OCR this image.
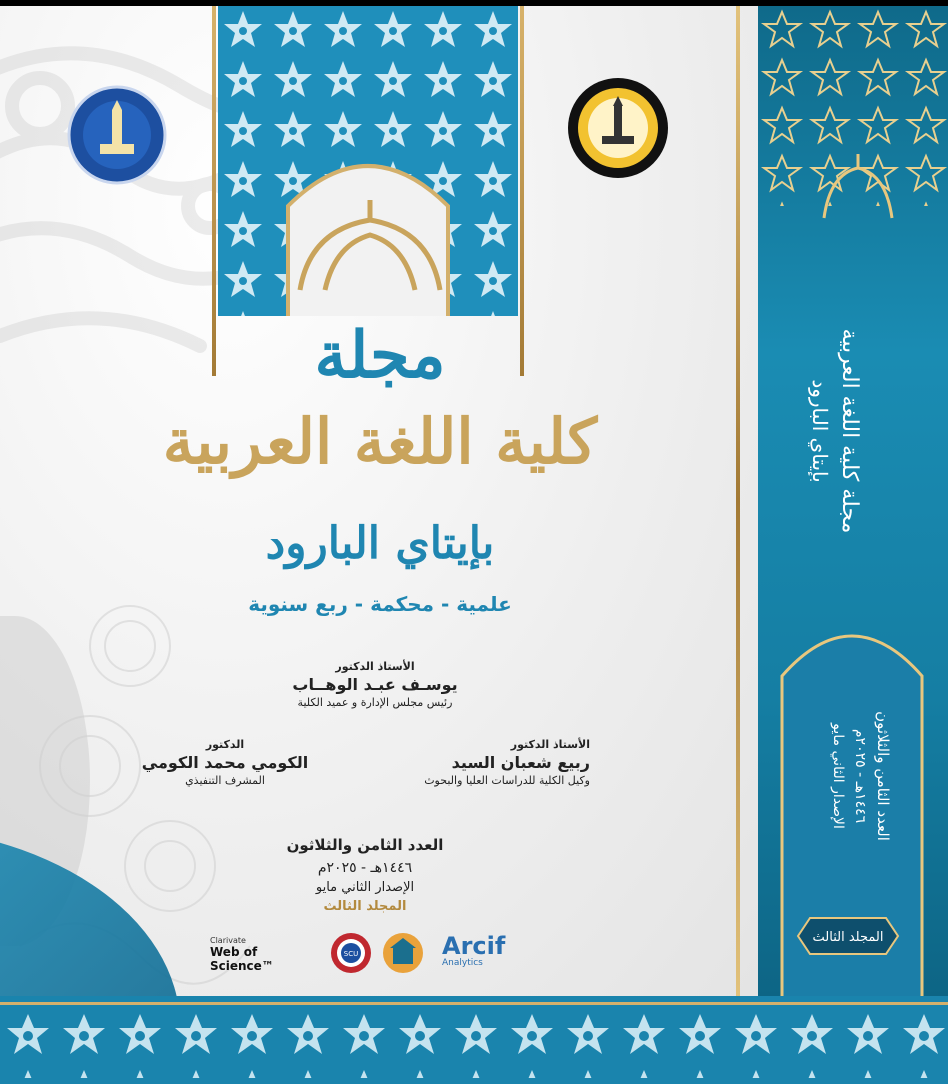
مجلة
كلية اللغة العربية
بإيتاي البارود
علمية - محكمة - ربع سنوية
الأستاذ الدكتور
يوسـف عبـد الوهــاب
رئيس مجلس الإدارة و عميد الكلية
الأستاذ الدكتور
ربيع شعبان السيد
وكيل الكلية للدراسات العليا والبحوث
الدكتور
الكومي محمد الكومي
المشرف التنفيذي
العدد الثامن والثلاثون
١٤٤٦هـ - ٢٠٢٥م
الإصدار الثاني مايو
المجلد الثالث
Clarivate
Web of Science™
SCU	Arcif
Analytics
مجلة كلية اللغة العربية
بإيتاي البارود
العدد الثامن والثلاثون
١٤٤٦هـ - ٢٠٢٥م
الإصدار الثاني مايو
المجلد الثالث
